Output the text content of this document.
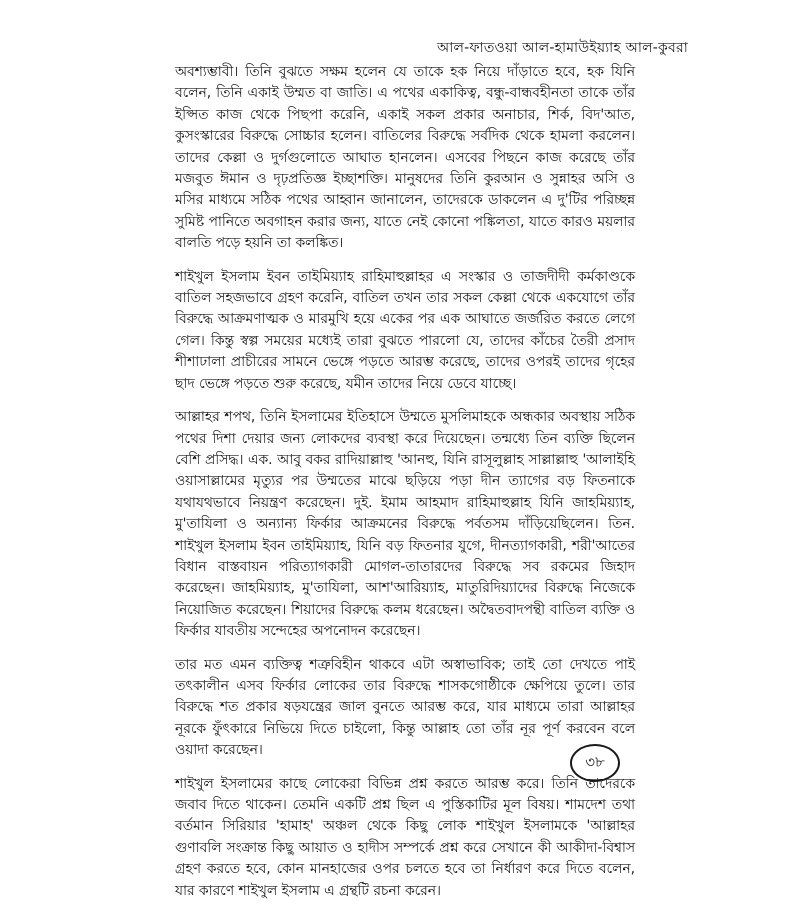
আল-ফাতওয়া আল-হামাউইয়্যাহ আল-কুবরা

অবশ্যম্ভাবী। তিনি বুঝতে সক্ষম হলেন যে তাকে হক নিয়ে দাঁড়াতে হবে, হক যিনি বলেন, তিনি একাই উম্মত বা জাতি। এ পথের একাকিত্ব, বন্ধু-বান্ধবহীনতা তাকে তাঁর ইপ্সিত কাজ থেকে পিছপা করেনি, একাই সকল প্রকার অনাচার, শির্ক, বিদ'আত, কুসংস্কারের বিরুদ্ধে সোচ্চার হলেন। বাতিলের বিরুদ্ধে সর্বদিক থেকে হামলা করলেন। তাদের কেল্লা ও দুর্গগুলোতে আঘাত হানলেন। এসবের পিছনে কাজ করেছে তাঁর মজবুত ঈমান ও দৃঢ়প্রতিজ্ঞ ইচ্ছাশক্তি। মানুষদের তিনি কুরআন ও সুন্নাহর অসি ও মসির মাধ্যমে সঠিক পথের আহ্বান জানালেন, তাদেরকে ডাকলেন এ দু'টির পরিচ্ছন্ন সুমিষ্ট পানিতে অবগাহন করার জন্য, যাতে নেই কোনো পঙ্কিলতা, যাতে কারও ময়লার বালতি পড়ে হয়নি তা কলঙ্কিত।

শাইখুল ইসলাম ইবন তাইমিয়্যাহ রাহিমাহুল্লাহর এ সংস্কার ও তাজদীদী কর্মকাণ্ডকে বাতিল সহজভাবে গ্রহণ করেনি, বাতিল তখন তার সকল কেল্লা থেকে একযোগে তাঁর বিরুদ্ধে আক্রমণাত্মক ও মারমুখি হয়ে একের পর এক আঘাতে জর্জরিত করতে লেগে গেল। কিন্তু স্বল্প সময়ের মধ্যেই তারা বুঝতে পারলো যে, তাদের কাঁচের তৈরী প্রসাদ শীশাঢালা প্রাচীরের সামনে ভেঙ্গে পড়তে আরম্ভ করেছে, তাদের ওপরই তাদের গৃহের ছাদ ভেঙ্গে পড়তে শুরু করেছে, যমীন তাদের নিয়ে ডেবে যাচ্ছে।

আল্লাহর শপথ, তিনি ইসলামের ইতিহাসে উম্মতে মুসলিমাহকে অন্ধকার অবস্থায় সঠিক পথের দিশা দেয়ার জন্য লোকদের ব্যবস্থা করে দিয়েছেন। তন্মধ্যে তিন ব্যক্তি ছিলেন বেশি প্রসিদ্ধ। এক. আবু বকর রাদিয়াল্লাহু 'আনহু, যিনি রাসূলুল্লাহ সাল্লাল্লাহু 'আলাইহি ওয়াসাল্লামের মৃত্যুর পর উম্মতের মাঝে ছড়িয়ে পড়া দীন ত্যাগের বড় ফিতনাকে যথাযথভাবে নিয়ন্ত্রণ করেছেন। দুই. ইমাম আহমাদ রাহিমাহুল্লাহ যিনি জাহমিয়্যাহ, মু'তাযিলা ও অন্যান্য ফির্কার আক্রমনের বিরুদ্ধে পর্বতসম দাঁড়িয়েছিলেন। তিন. শাইখুল ইসলাম ইবন তাইমিয়্যাহ, যিনি বড় ফিতনার যুগে, দীনত্যাগকারী, শরী'আতের বিধান বাস্তবায়ন পরিত্যাগকারী মোগল-তাতারদের বিরুদ্ধে সব রকমের জিহাদ করেছেন। জাহমিয়্যাহ, মু'তাযিলা, আশ'আরিয়্যাহ, মাতুরিদিয়্যাদের বিরুদ্ধে নিজেকে নিয়োজিত করেছেন। শিয়াদের বিরুদ্ধে কলম ধরেছেন। অদ্বৈতবাদপন্থী বাতিল ব্যক্তি ও ফির্কার যাবতীয় সন্দেহের অপনোদন করেছেন।

তার মত এমন ব্যক্তিত্ব শত্রুবিহীন থাকবে এটা অস্বাভাবিক; তাই তো দেখতে পাই তৎকালীন এসব ফির্কার লোকের তার বিরুদ্ধে শাসকগোষ্ঠীকে ক্ষেপিয়ে তুলে। তার বিরুদ্ধে শত প্রকার ষড়যন্ত্রের জাল বুনতে আরম্ভ করে, যার মাধ্যমে তারা আল্লাহর নূরকে ফুঁৎকারে নিভিয়ে দিতে চাইলো, কিন্তু আল্লাহ তো তাঁর নূর পূর্ণ করবেন বলে ওয়াদা করেছেন।

শাইখুল ইসলামের কাছে লোকেরা বিভিন্ন প্রশ্ন করতে আরম্ভ করে। তিনি তাদেরকে জবাব দিতে থাকেন। তেমনি একটি প্রশ্ন ছিল এ পুস্তিকাটির মূল বিষয়। শামদেশ তথা বর্তমান সিরিয়ার 'হামাহ' অঞ্চল থেকে কিছু লোক শাইখুল ইসলামকে 'আল্লাহর গুণাবলি সংক্রান্ত কিছু আয়াত ও হাদীস সম্পর্কে প্রশ্ন করে সেখানে কী আকীদা-বিশ্বাস গ্রহণ করতে হবে, কোন মানহাজের ওপর চলতে হবে তা নির্ধারণ করে দিতে বলেন, যার কারণে শাইখুল ইসলাম এ গ্রন্থটি রচনা করেন।

৩৮
